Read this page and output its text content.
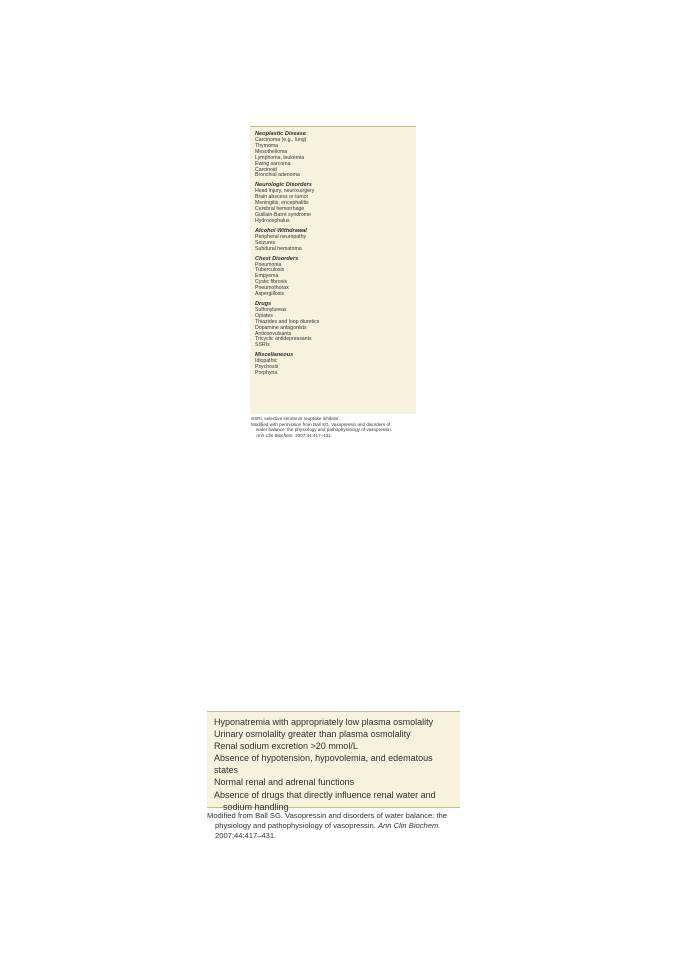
Neoplastic Disease
Carcinoma (e.g., lung)
Thymoma
Mesothelioma
Lymphoma, leukemia
Ewing sarcoma
Carcinoid
Bronchial adenoma
Neurologic Disorders
Head injury, neurosurgery
Brain abscess or tumor
Meningitis, encephalitis
Cerebral hemorrhage
Guillain-Barré syndrome
Hydrocephalus
Alcohol Withdrawal
Peripheral neuropathy
Seizures
Subdural hematoma
Chest Disorders
Pneumonia
Tuberculosis
Empyema
Cystic fibrosis
Pneumothorax
Aspergillosis
Drugs
Sulfonylureas
Opiates
Thiazides and loop diuretics
Dopamine antagonists
Anticonvulsants
Tricyclic antidepressants
SSRIs
Miscellaneous
Idiopathic
Psychosis
Porphyria
SSRI, selective serotonin reuptake inhibitor.
Modified with permission from Ball SG. Vasopressin and disorders of
water balance: the physiology and pathophysiology of vasopressin.
Ann Clin Biochem. 2007;44:417–431.
Hyponatremia with appropriately low plasma osmolality
Urinary osmolality greater than plasma osmolality
Renal sodium excretion >20 mmol/L
Absence of hypotension, hypovolemia, and edematous states
Normal renal and adrenal functions
Absence of drugs that directly influence renal water and
sodium handling
Modified from Ball SG. Vasopressin and disorders of water balance: the
physiology and pathophysiology of vasopressin. Ann Clin Biochem.
2007;44:417–431.
